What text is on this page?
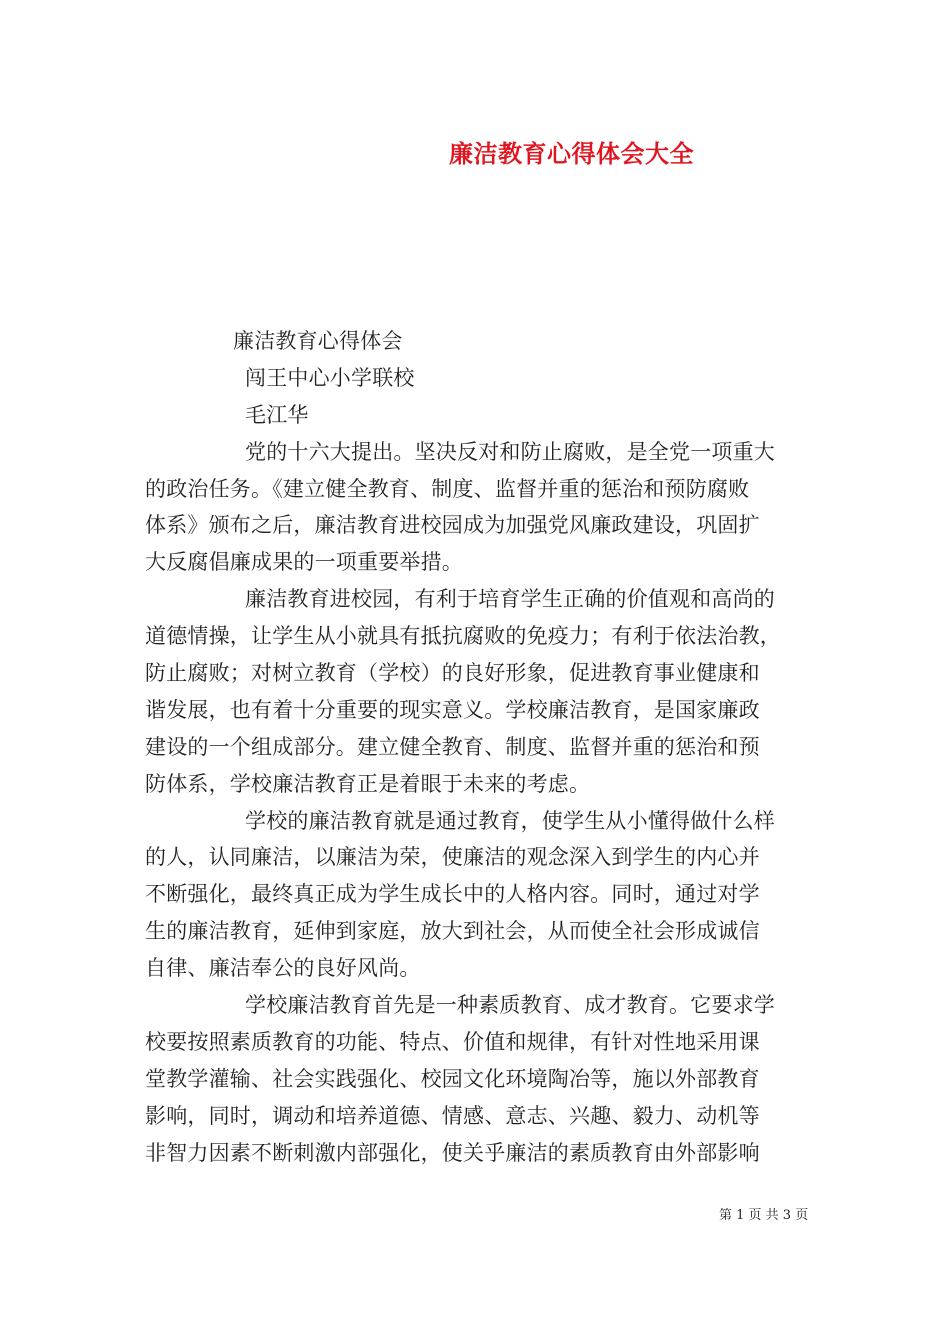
廉洁教育心得体会大全
廉洁教育心得体会
闯王中心小学联校
毛江华
党的十六大提出。坚决反对和防止腐败，是全党一项重大
的政治任务。《建立健全教育、制度、监督并重的惩治和预防腐败
体系》颁布之后，廉洁教育进校园成为加强党风廉政建设，巩固扩
大反腐倡廉成果的一项重要举措。
廉洁教育进校园，有利于培育学生正确的价值观和高尚的
道德情操，让学生从小就具有抵抗腐败的免疫力；有利于依法治教，
防止腐败；对树立教育（学校）的良好形象，促进教育事业健康和
谐发展，也有着十分重要的现实意义。学校廉洁教育，是国家廉政
建设的一个组成部分。建立健全教育、制度、监督并重的惩治和预
防体系，学校廉洁教育正是着眼于未来的考虑。
学校的廉洁教育就是通过教育，使学生从小懂得做什么样
的人，认同廉洁，以廉洁为荣，使廉洁的观念深入到学生的内心并
不断强化，最终真正成为学生成长中的人格内容。同时，通过对学
生的廉洁教育，延伸到家庭，放大到社会，从而使全社会形成诚信
自律、廉洁奉公的良好风尚。
学校廉洁教育首先是一种素质教育、成才教育。它要求学
校要按照素质教育的功能、特点、价值和规律，有针对性地采用课
堂教学灌输、社会实践强化、校园文化环境陶冶等，施以外部教育
影响，同时，调动和培养道德、情感、意志、兴趣、毅力、动机等
非智力因素不断刺激内部强化，使关乎廉洁的素质教育由外部影响
第 1 页 共 3 页
